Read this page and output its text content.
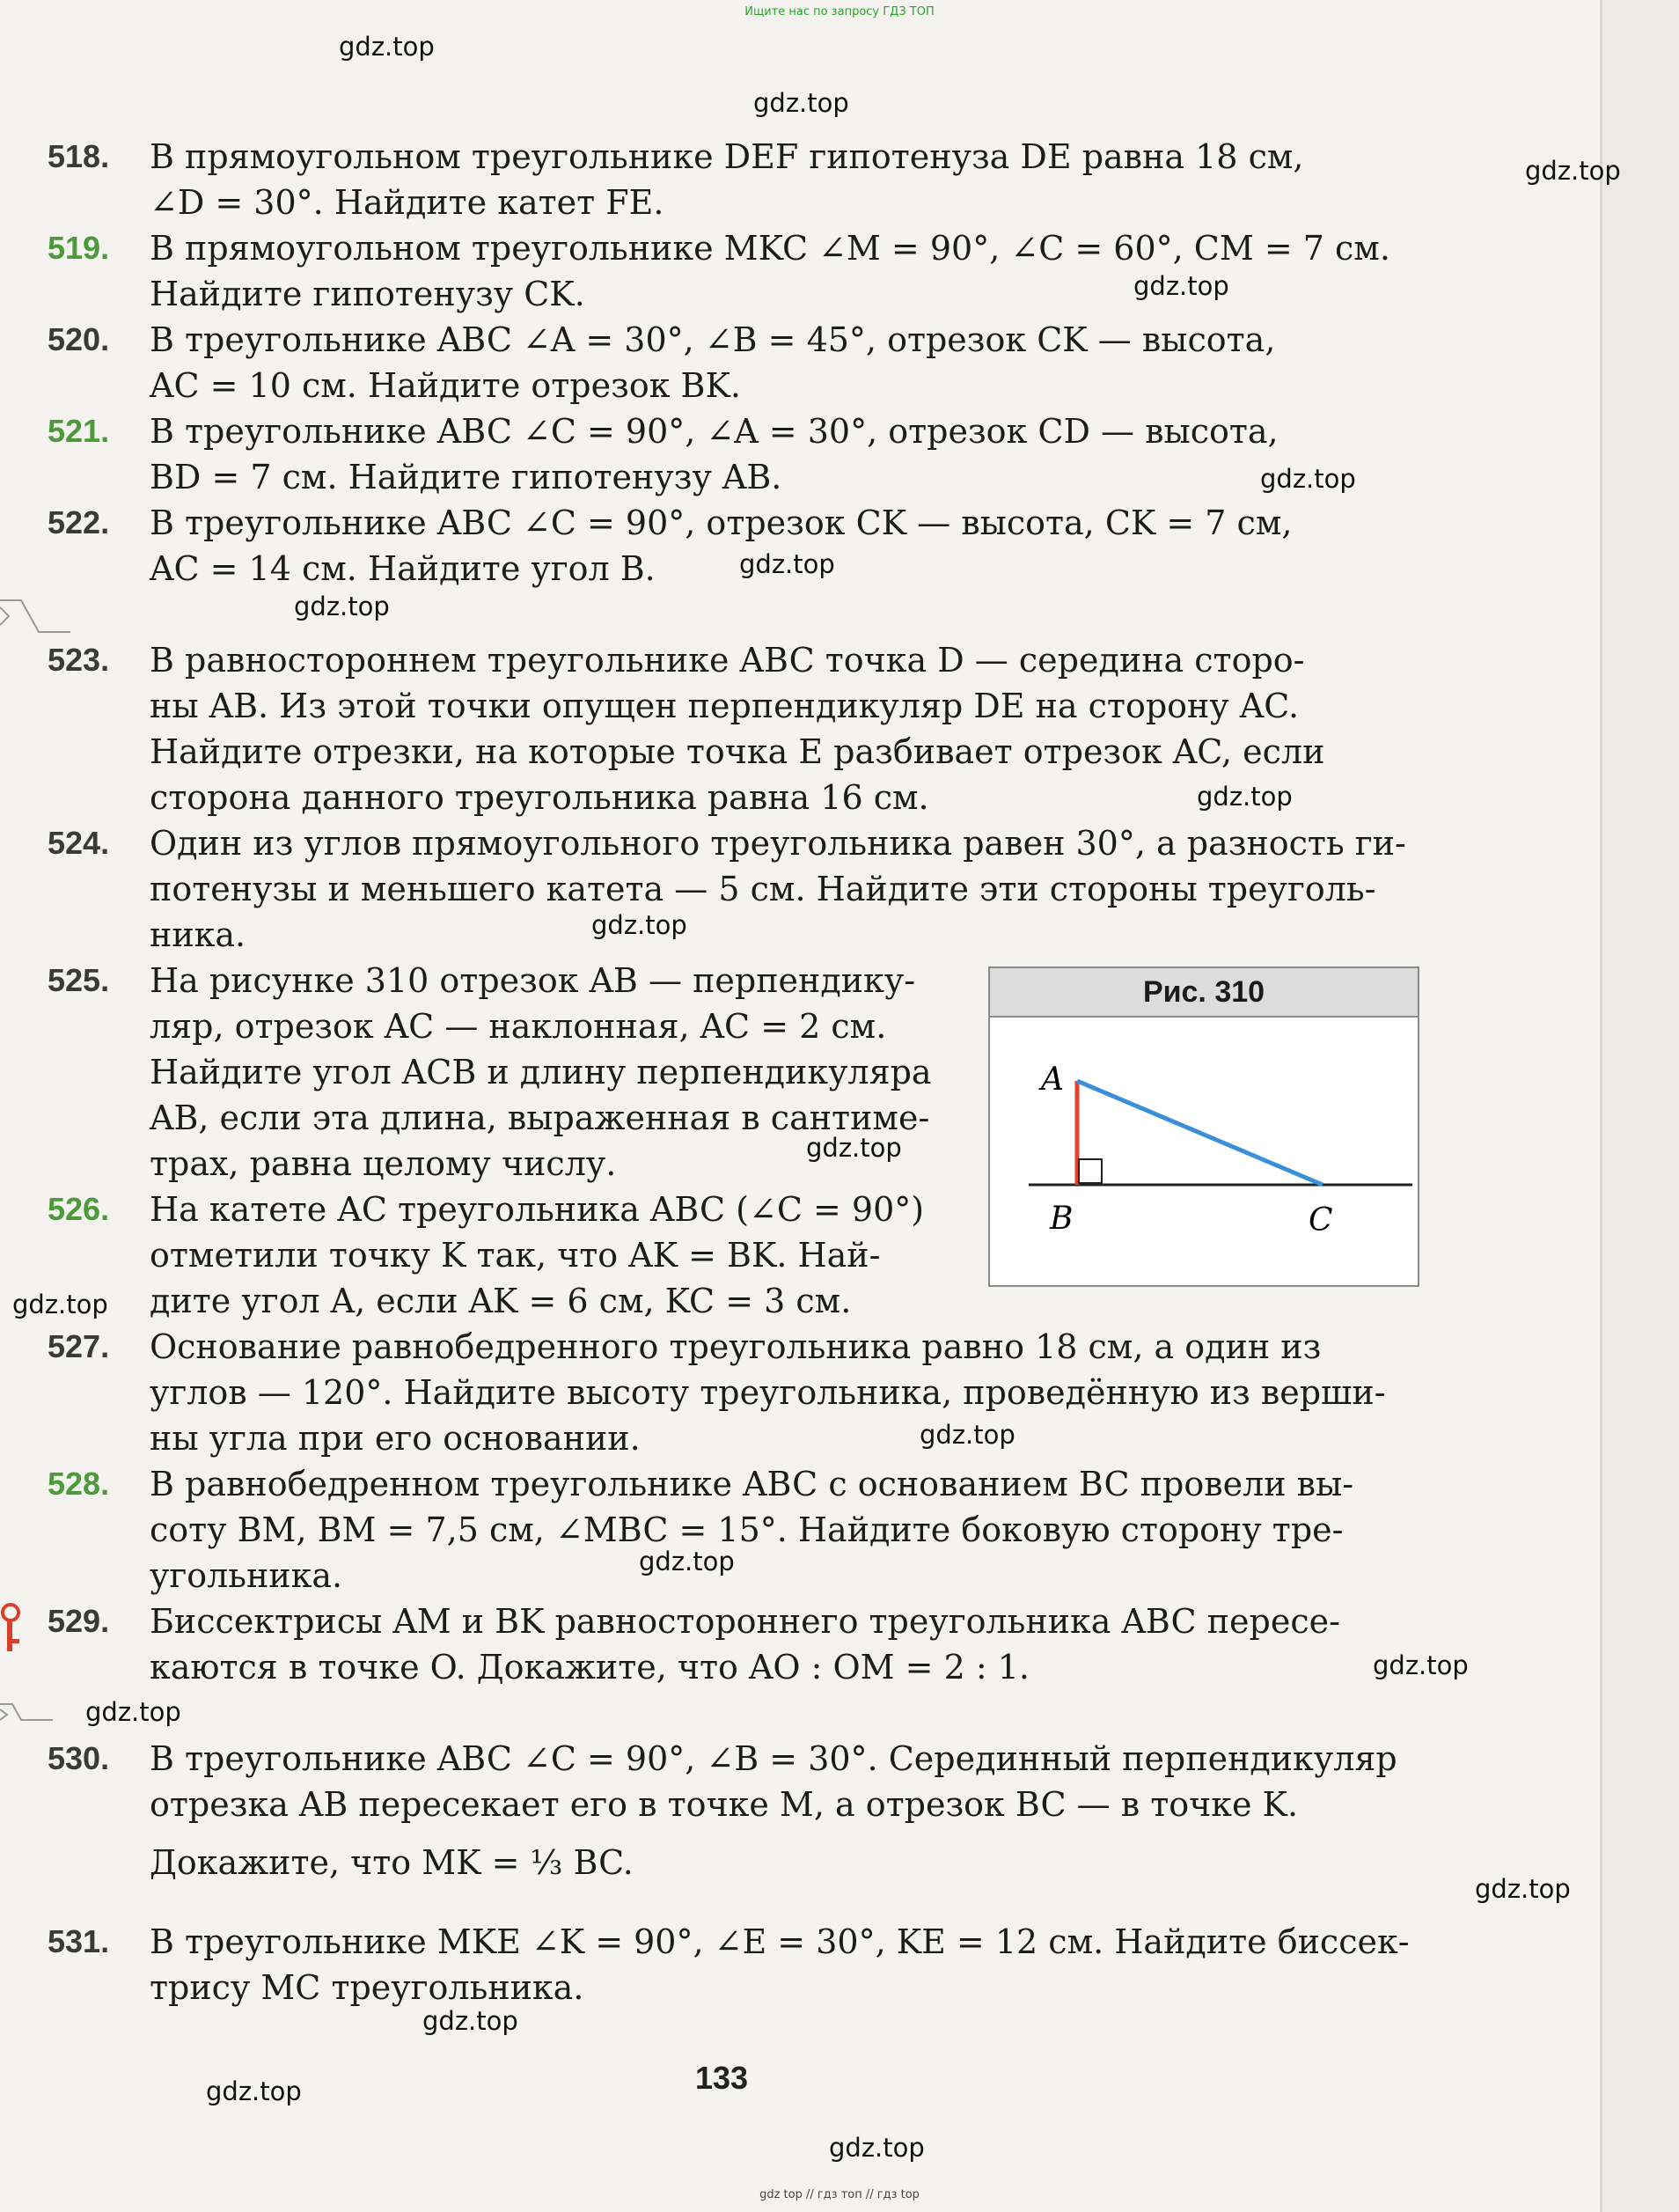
Ищите нас по запросу ГДЗ ТОП
gdz.top
gdz.top
gdz.top
gdz.top
gdz.top
gdz.top
gdz.top
gdz.top
gdz.top
gdz.top
gdz.top
gdz.top
gdz.top
gdz.top
gdz.top
gdz.top
gdz.top
gdz.top
gdz.top
518. В прямоугольном треугольнике DEF гипотенуза DE равна 18 см,
∠D = 30°. Найдите катет FE.
519. В прямоугольном треугольнике MKC ∠M = 90°, ∠C = 60°, CM = 7 см.
Найдите гипотенузу CK.
520. В треугольнике ABC ∠A = 30°, ∠B = 45°, отрезок CK — высота,
AC = 10 см. Найдите отрезок BK.
521. В треугольнике ABC ∠C = 90°, ∠A = 30°, отрезок CD — высота,
BD = 7 см. Найдите гипотенузу AB.
522. В треугольнике ABC ∠C = 90°, отрезок CK — высота, CK = 7 см,
AC = 14 см. Найдите угол B.
523. В равностороннем треугольнике ABC точка D — середина сторо-
ны AB. Из этой точки опущен перпендикуляр DE на сторону AC.
Найдите отрезки, на которые точка E разбивает отрезок AC, если
сторона данного треугольника равна 16 см.
524. Один из углов прямоугольного треугольника равен 30°, а разность ги-
потенузы и меньшего катета — 5 см. Найдите эти стороны треуголь-
ника.
525. На рисунке 310 отрезок AB — перпендику-
ляр, отрезок AC — наклонная, AC = 2 см.
Найдите угол ACB и длину перпендикуляра
AB, если эта длина, выраженная в сантиме-
трах, равна целому числу.
526. На катете AC треугольника ABC (∠C = 90°)
отметили точку K так, что AK = BK. Най-
дите угол A, если AK = 6 см, KC = 3 см.
527. Основание равнобедренного треугольника равно 18 см, а один из
углов — 120°. Найдите высоту треугольника, проведённую из верши-
ны угла при его основании.
528. В равнобедренном треугольнике ABC с основанием BC провели вы-
соту BM, BM = 7,5 см, ∠MBC = 15°. Найдите боковую сторону тре-
угольника.
529. Биссектрисы AM и BK равностороннего треугольника ABC пересе-
каются в точке O. Докажите, что AO : OM = 2 : 1.
530. В треугольнике ABC ∠C = 90°, ∠B = 30°. Серединный перпендикуляр
отрезка AB пересекает его в точке M, а отрезок BC — в точке K.
Докажите, что MK = ⅓ BC.
531. В треугольнике MKE ∠K = 90°, ∠E = 30°, KE = 12 см. Найдите биссек-
трису MC треугольника.
Рис. 310
A
B	C
133
gdz top // гдз топ // гдз top
